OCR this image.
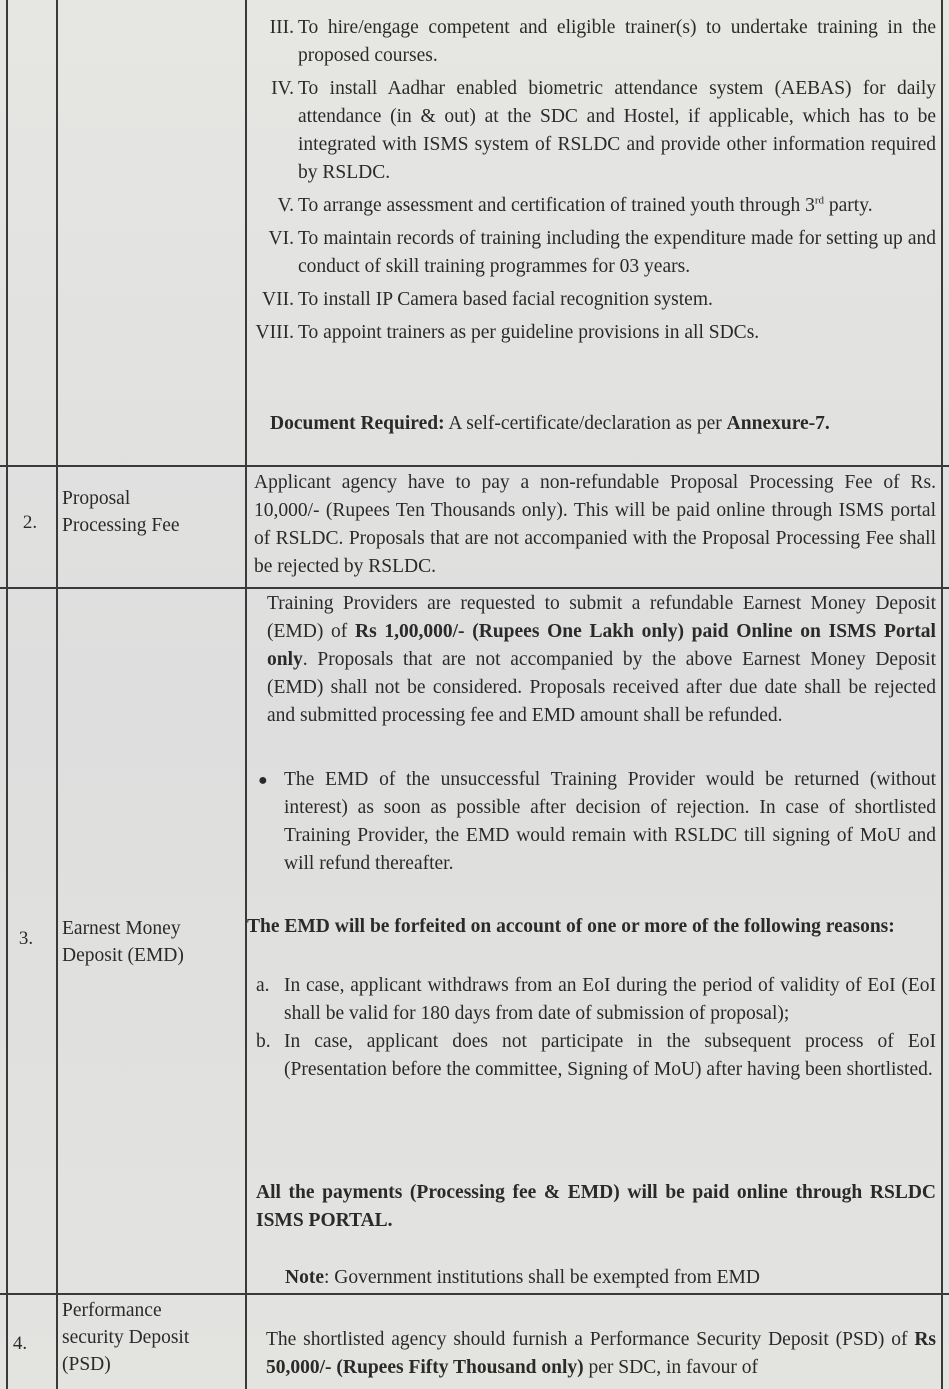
III. To hire/engage competent and eligible trainer(s) to undertake training in the proposed courses.
IV. To install Aadhar enabled biometric attendance system (AEBAS) for daily attendance (in & out) at the SDC and Hostel, if applicable, which has to be integrated with ISMS system of RSLDC and provide other information required by RSLDC.
V. To arrange assessment and certification of trained youth through 3rd party.
VI. To maintain records of training including the expenditure made for setting up and conduct of skill training programmes for 03 years.
VII. To install IP Camera based facial recognition system.
VIII. To appoint trainers as per guideline provisions in all SDCs.
Document Required: A self-certificate/declaration as per Annexure-7.
2.
Proposal Processing Fee
Applicant agency have to pay a non-refundable Proposal Processing Fee of Rs. 10,000/- (Rupees Ten Thousands only). This will be paid online through ISMS portal of RSLDC. Proposals that are not accompanied with the Proposal Processing Fee shall be rejected by RSLDC.
3.	Earnest Money Deposit (EMD)
Training Providers are requested to submit a refundable Earnest Money Deposit (EMD) of Rs 1,00,000/- (Rupees One Lakh only) paid Online on ISMS Portal only. Proposals that are not accompanied by the above Earnest Money Deposit (EMD) shall not be considered. Proposals received after due date shall be rejected and submitted processing fee and EMD amount shall be refunded.
● The EMD of the unsuccessful Training Provider would be returned (without interest) as soon as possible after decision of rejection. In case of shortlisted Training Provider, the EMD would remain with RSLDC till signing of MoU and will refund thereafter.
The EMD will be forfeited on account of one or more of the following reasons:
a. In case, applicant withdraws from an EoI during the period of validity of EoI (EoI shall be valid for 180 days from date of submission of proposal);
b. In case, applicant does not participate in the subsequent process of EoI (Presentation before the committee, Signing of MoU) after having been shortlisted.
All the payments (Processing fee & EMD) will be paid online through RSLDC ISMS PORTAL.
Note: Government institutions shall be exempted from EMD
4.
Performance security Deposit (PSD)
The shortlisted agency should furnish a Performance Security Deposit (PSD) of Rs 50,000/- (Rupees Fifty Thousand only) per SDC, in favour of
